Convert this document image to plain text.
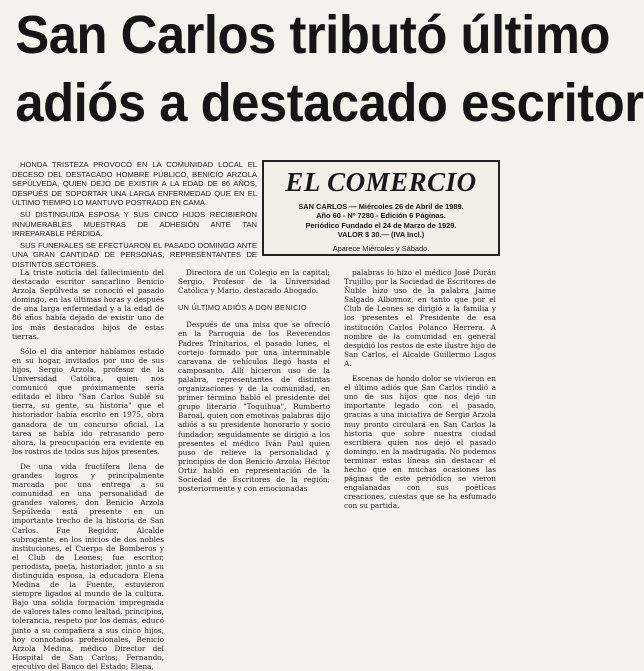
San Carlos tributó último
adiós a destacado escritor

HONDA TRISTEZA PROVOCÓ EN LA COMUNIDAD LOCAL EL DECESO DEL DESTACADO HOMBRE PÚBLICO, BENICIO ARZOLA SEPÚLVEDA, QUIEN DEJÓ DE EXISTIR A LA EDAD DE 86 AÑOS, DESPUÉS DE SOPORTAR UNA LARGA ENFERMEDAD QUE EN EL ÚLTIMO TIEMPO LO MANTUVO POSTRADO EN CAMA.

SU DISTINGUIDA ESPOSA Y SUS CINCO HIJOS RECIBIERON INNUMERABLES MUESTRAS DE ADHESIÓN ANTE TAN IRREPARABLE PÉRDIDA.

SUS FUNERALES SE EFECTUARON EL PASADO DOMINGO ANTE UNA GRAN CANTIDAD DE PERSONAS, REPRESENTANTES DE DISTINTOS SECTORES.

EL COMERCIO
SAN CARLOS — Miércoles 26 de Abril de 1989.
Año 60 - Nº 7280 - Edición 6 Páginas.
Periódico Fundado el 24 de Marzo de 1929.
VALOR $ 30.— (IVA Incl.)
Aparece Miércoles y Sábado.

La triste noticia del fallecimiento del destacado escritor sancarlino Benicio Arzola Sepúlveda se conoció el pasado domingo, en las últimas horas y después de una larga enfermedad y a la edad de 86 años había dejado de existir uno de los más destacados hijos de estas tierras.

Sólo el día anterior habíamos estado en su hogar, invitados por uno de sus hijos, Sergio Arzola, profesor de la Universidad Católica, quien nos comunicó que próximamente sería editado el libro "San Carlos Sublé su tierra, su gente, su historia" que el historiador había escrito en 1975, obra ganadora de un concurso oficial. La tarea se había ido retrasando pero ahora, la preocupación era evidente en los rostros de todos sus hijos presentes.

De una vida fructífera llena de grandes logros y principalmente marcada por una entrega a su comunidad en una personalidad de grandes valores, don Benicio Arzola Sepúlveda está presente en un importante trecho de la historia de San Carlos. Fue Regidor, Alcalde subrogante, en los inicios de dos nobles instituciones, el Cuerpo de Bomberos y el Club de Leones; fue escritor, periodista, poeta, historiador, junto a su distinguida esposa, la educadora Elena Medina de la Fuente, estuvieron siempre ligados al mundo de la cultura. Bajo una sólida formación impregnada de valores tales como lealtad, principios, tolerancia, respeto por los demás, educó junto a su compañera a sus cinco hijos, hoy connotados profesionales, Benicio Arzola Medina, médico Director del Hospital de San Carlos; Fernando, ejecutivo del Banco del Estado; Elena,

Directora de un Colegio en la capital; Sergio, Profesor de la Universidad Católica y Mario, destacado Abogado.

UN ÚLTIMO ADIÓS A DON BENICIO

Después de una misa que se ofreció en la Parroquia de los Reverendos Padres Trinitarios, el pasado lunes, el cortejo formado por una interminable caravana de vehículos llegó hasta el camposanto. Allí hicieron uso de la palabra, representantes de distintas organizaciones y de la comunidad, en primer término habló el presidente del grupo literario "Toquihua", Rumberto Baroal, quien con emotivas palabras dijo adiós a su presidente honorario y socio fundador; seguidamente se dirigió a los presentes el médico Iván Paul quien puso de relieve la personalidad y principios de don Benicio Arzola; Héctor Ortiz habló en representación de la Sociedad de Escritores de la región; posteriormente y con emocionadas

palabras lo hizo el médico José Durán Trujillo; por la Sociedad de Escritores de Ñuble hizo uso de la palabra Jaime Salgado Albornoz, en tanto que por el Club de Leones se dirigió a la familia y los presentes el Presidente de esa institución Carlos Polanco Herrera. A nombre de la comunidad en general despidió los restos de este ilustre hijo de San Carlos, el Alcalde Guillermo Lagos A.

Escenas de hondo dolor se vivieron en el último adiós que San Carlos rindió a uno de sus hijos que nos dejó un importante legado con el pasado, gracias a una iniciativa de Sergio Arzola muy pronto circulará en San Carlos la historia que sobre nuestra ciudad escribiera quien nos dejó el pasado domingo, en la madrugada. No podemos terminar estas líneas sin destacar el hecho que en muchas ocasiones las páginas de este periódico se vieron engalanadas con sus poéticas creaciones, cuestas que se ha esfumado con su partida.
